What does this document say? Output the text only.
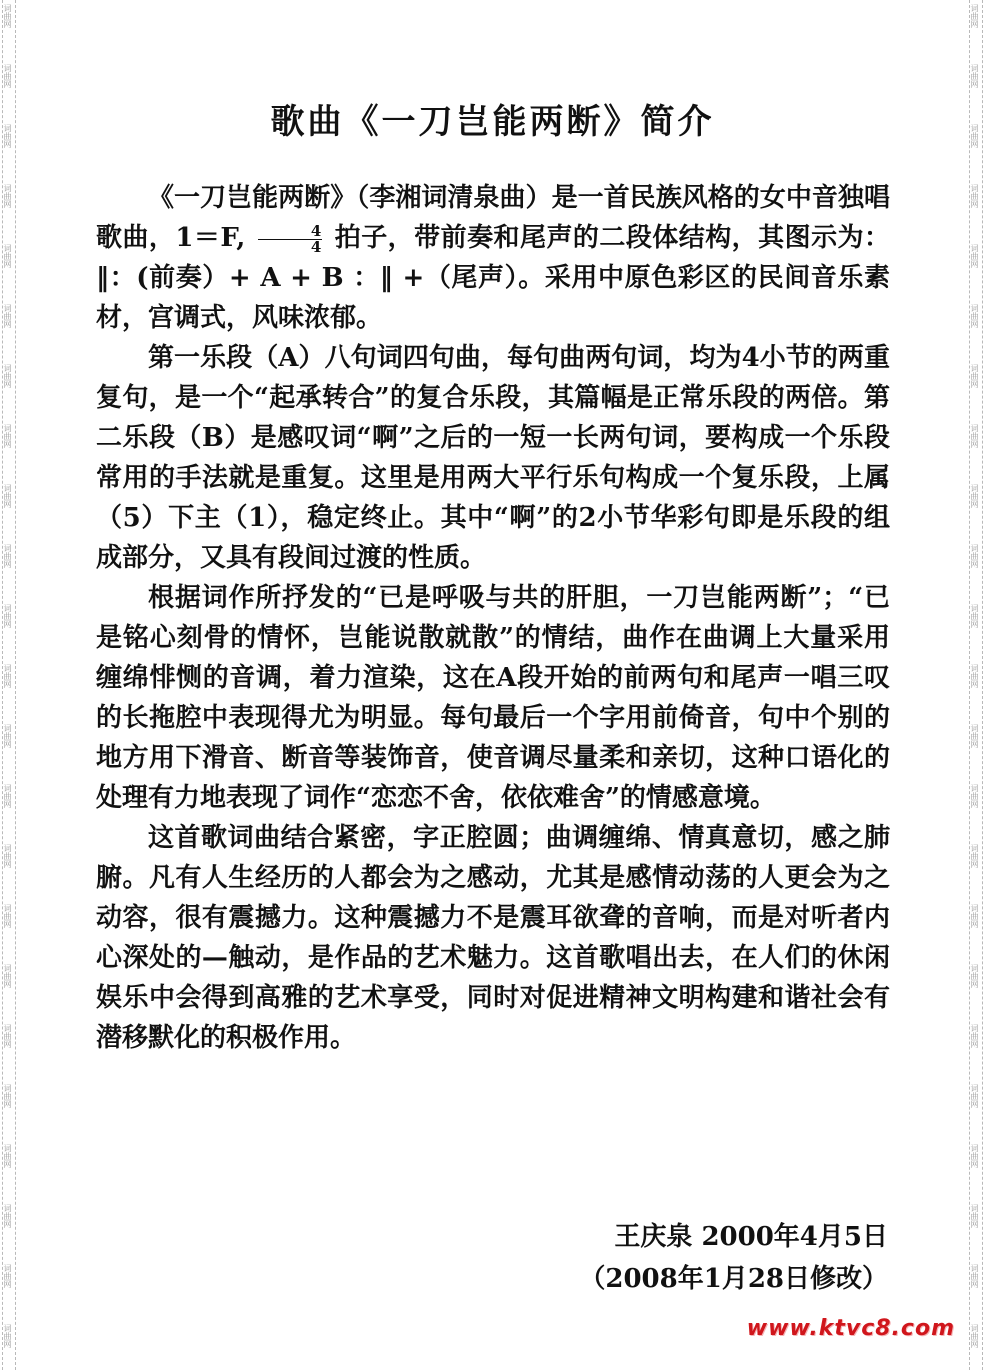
词曲网
词曲网
词曲网
词曲网
词曲网
词曲网
词曲网
词曲网
词曲网
词曲网
词曲网
词曲网
词曲网
词曲网
词曲网
词曲网
词曲网
词曲网
词曲网
词曲网
词曲网
词曲网
词曲网
词曲网
词曲网
词曲网
词曲网
词曲网
词曲网
词曲网
词曲网
词曲网
词曲网
词曲网
词曲网
词曲网
词曲网
词曲网
词曲网
词曲网
词曲网
词曲网
词曲网
词曲网
词曲网
词曲网
歌曲《一刀岂能两断》简介

《一刀岂能两断》（李湘词清泉曲）是一首民族风格的女中音独唱歌曲，1＝F, $\frac{4}{4}$ 拍子，带前奏和尾声的二段体结构，其图示为：‖：(前奏）+ A + B ：‖ +（尾声）。采用中原色彩区的民间音乐素材，宫调式，风味浓郁。

第一乐段（A）八句词四句曲，每句曲两句词，均为4小节的两重复句，是一个“起承转合”的复合乐段，其篇幅是正常乐段的两倍。第二乐段（B）是感叹词“啊”之后的一短一长两句词，要构成一个乐段常用的手法就是重复。这里是用两大平行乐句构成一个复乐段，上属（5）下主（1），稳定终止。其中“啊”的2小节华彩句即是乐段的组成部分，又具有段间过渡的性质。

根据词作所抒发的“已是呼吸与共的肝胆，一刀岂能两断”；“已是铭心刻骨的情怀，岂能说散就散”的情结，曲作在曲调上大量采用缠绵悱恻的音调，着力渲染，这在A段开始的前两句和尾声一唱三叹的长拖腔中表现得尤为明显。每句最后一个字用前倚音，句中个别的地方用下滑音、断音等装饰音，使音调尽量柔和亲切，这种口语化的处理有力地表现了词作“恋恋不舍，依依难舍”的情感意境。

这首歌词曲结合紧密，字正腔圆；曲调缠绵、情真意切，感之肺腑。凡有人生经历的人都会为之感动，尤其是感情动荡的人更会为之动容，很有震撼力。这种震撼力不是震耳欲聋的音响，而是对听者内心深处的—触动，是作品的艺术魅力。这首歌唱出去，在人们的休闲娱乐中会得到高雅的艺术享受，同时对促进精神文明构建和谐社会有潜移默化的积极作用。

王庆泉 2000年4月5日
（2008年1月28日修改）
www.ktvc8.com
